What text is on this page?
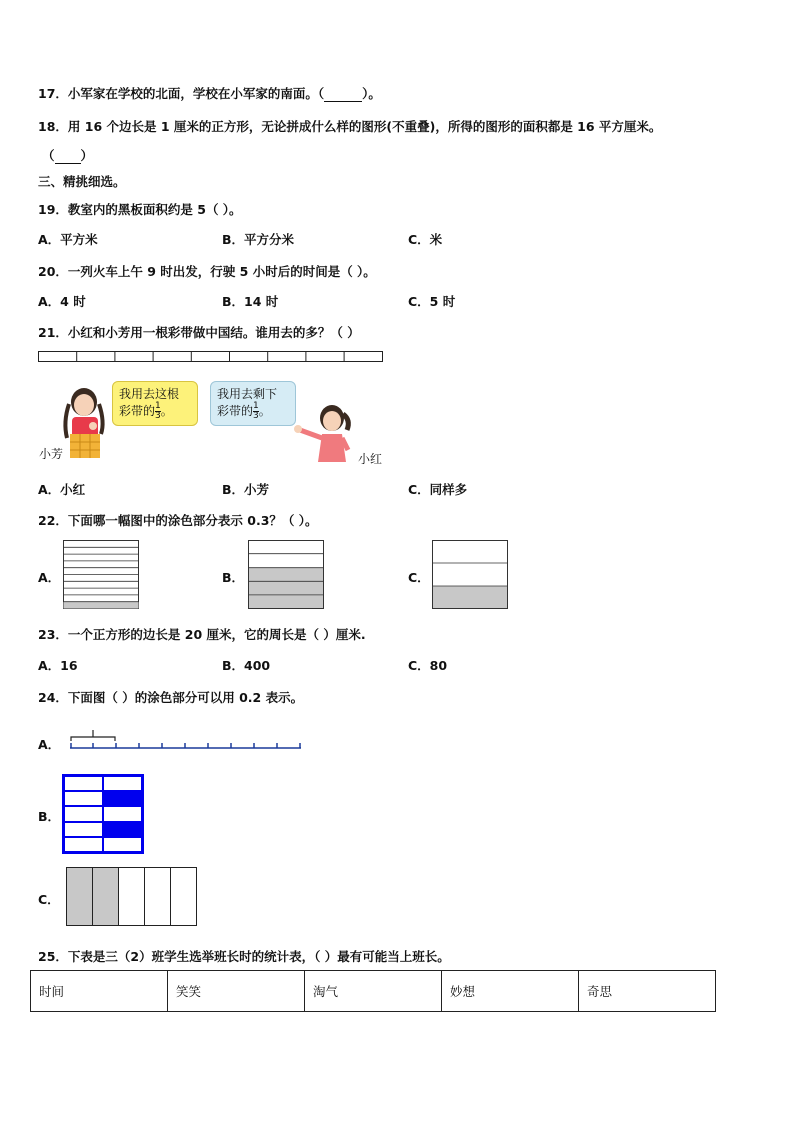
17．小军家在学校的北面，学校在小军家的南面。（	）。
18．用 16 个边长是 1 厘米的正方形，无论拼成什么样的图形(不重叠)，所得的图形的面积都是 16 平方厘米。
（ ）
三、精挑细选。
19．教室内的黑板面积约是 5（ ）。
A．平方米	B．平方分米	C．米
20．一列火车上午 9 时出发，行驶 5 小时后的时间是（ ）。
A．4 时	B．14 时	C．5 时
21．小红和小芳用一根彩带做中国结。谁用去的多？（ ）
我用去这根
彩带的 $\frac{1}{3}$ 。
小芳
我用去剩下
彩带的 $\frac{1}{3}$ 。
小红
A．小红	B．小芳	C．同样多
22．下面哪一幅图中的涂色部分表示 0.3？（ ）。
A．	B．	C．
23．一个正方形的边长是 20 厘米，它的周长是（ ）厘米.
A．16	B．400	C．80
24．下面图（ ）的涂色部分可以用 0.2 表示。
A．
B．
C．
25．下表是三（2）班学生选举班长时的统计表，（ ）最有可能当上班长。
时间	笑笑	淘气	妙想	奇思
